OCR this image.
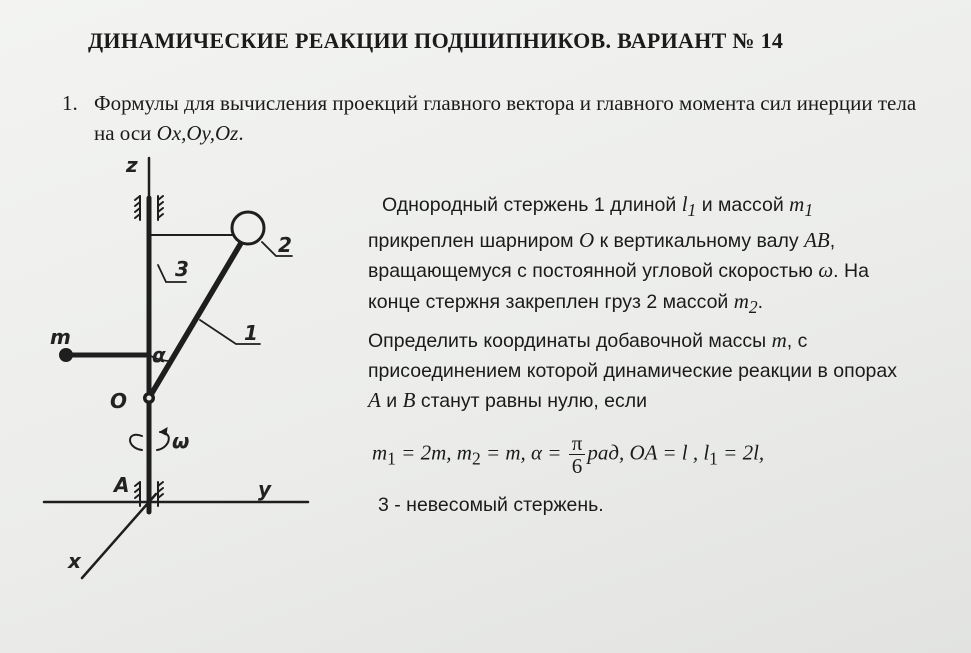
ДИНАМИЧЕСКИЕ РЕАКЦИИ ПОДШИПНИКОВ. ВАРИАНТ № 14
1. Формулы для вычисления проекций главного вектора и главного момента сил инерции тела на оси Ox,Oy,Oz.
z
2
3
1
m
α
O
ω
A	y
x

Однородный стержень 1 длиной $l_1$ и массой $m_1$ прикреплен шарниром O к вертикальному валу AB, вращающемуся с постоянной угловой скоростью ω. На конце стержня закреплен груз 2 массой $m_2$.

Определить координаты добавочной массы m, с присоединением которой динамические реакции в опорах A и B станут равны нулю, если

$m_1 = 2m$, $m_2 = m$, $\alpha = \frac{\pi}{6}$ рад, OA = l , $l_1 = 2l$,
3 - невесомый стержень.
